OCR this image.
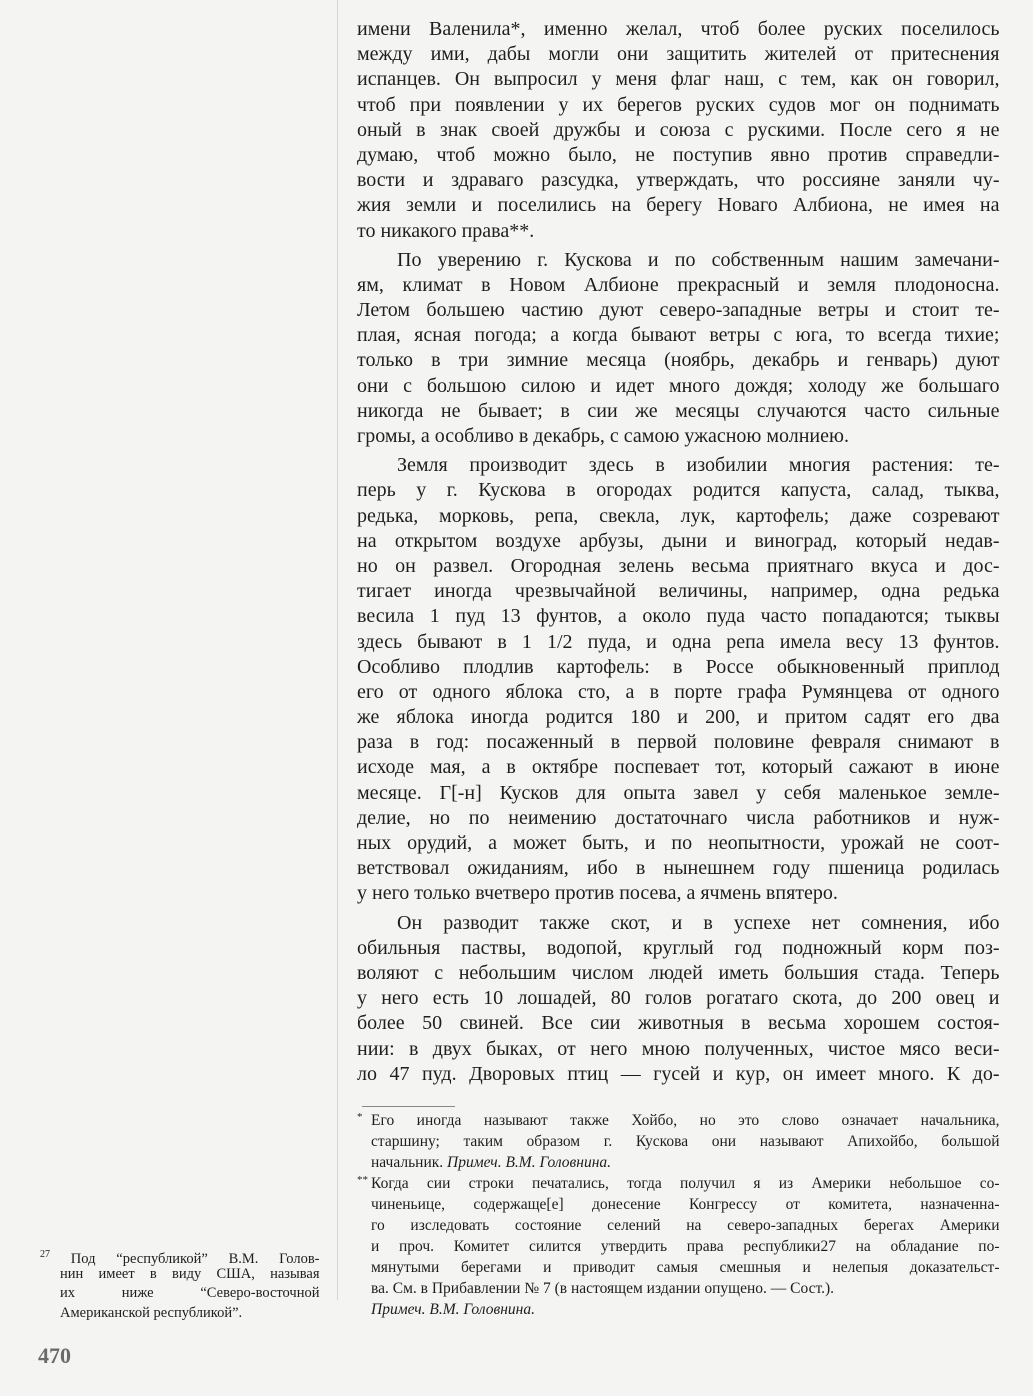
имени Валенила*, именно желал, чтоб более руских поселилось
между ими, дабы могли они защитить жителей от притеснения
испанцев. Он выпросил у меня флаг наш, с тем, как он говорил,
чтоб при появлении у их берегов руских судов мог он поднимать
оный в знак своей дружбы и союза с рускими. После сего я не
думаю, чтоб можно было, не поступив явно против справедли-
вости и здраваго разсудка, утверждать, что россияне заняли чу-
жия земли и поселились на берегу Новаго Албиона, не имея на
то никакого права**.
По уверению г. Кускова и по собственным нашим замечани-
ям, климат в Новом Албионе прекрасный и земля плодоносна.
Летом большею частию дуют северо-западные ветры и стоит те-
плая, ясная погода; а когда бывают ветры с юга, то всегда тихие;
только в три зимние месяца (ноябрь, декабрь и генварь) дуют
они с большою силою и идет много дождя; холоду же большаго
никогда не бывает; в сии же месяцы случаются часто сильные
громы, а особливо в декабрь, с самою ужасною молниею.
Земля производит здесь в изобилии многия растения: те-
перь у г. Кускова в огородах родится капуста, салад, тыква,
редька, морковь, репа, свекла, лук, картофель; даже созревают
на открытом воздухе арбузы, дыни и виноград, который недав-
но он развел. Огородная зелень весьма приятнаго вкуса и дос-
тигает иногда чрезвычайной величины, например, одна редька
весила 1 пуд 13 фунтов, а около пуда часто попадаются; тыквы
здесь бывают в 1 1/2 пуда, и одна репа имела весу 13 фунтов.
Особливо плодлив картофель: в Россе обыкновенный приплод
его от одного яблока сто, а в порте графа Румянцева от одного
же яблока иногда родится 180 и 200, и притом садят его два
раза в год: посаженный в первой половине февраля снимают в
исходе мая, а в октябре поспевает тот, который сажают в июне
месяце. Г[-н] Кусков для опыта завел у себя маленькое земле-
делие, но по неимению достаточнаго числа работников и нуж-
ных орудий, а может быть, и по неопытности, урожай не соот-
ветствовал ожиданиям, ибо в нынешнем году пшеница родилась
у него только вчетверо против посева, а ячмень впятеро.
Он разводит также скот, и в успехе нет сомнения, ибо
обильныя паствы, водопой, круглый год подножный корм поз-
воляют с небольшим числом людей иметь большия стада. Теперь
у него есть 10 лошадей, 80 голов рогатаго скота, до 200 овец и
более 50 свиней. Все сии животныя в весьма хорошем состоя-
нии: в двух быках, от него мною полученных, чистое мясо веси-
ло 47 пуд. Дворовых птиц — гусей и кур, он имеет много. К до-
* Его иногда называют также Хойбо, но это слово означает начальника,
старшину; таким образом г. Кускова они называют Апихойбо, большой
начальник. Примеч. В.М. Головнина.
** Когда сии строки печатались, тогда получил я из Америки небольшое со-
чиненьице, содержаще[е] донесение Конгрессу от комитета, назначенна-
го изследовать состояние селений на северо-западных берегах Америки
и проч. Комитет силится утвердить права республики27 на обладание по-
мянутыми берегами и приводит самыя смешныя и нелепыя доказательст-
ва. См. в Прибавлении № 7 (в настоящем издании опущено. — Сост.).
Примеч. В.М. Головнина.
$^{27}$ Под “республикой” В.М. Голов-
нин имеет в виду США, называя
их ниже “Северо-восточной
Американской республикой”.
470
